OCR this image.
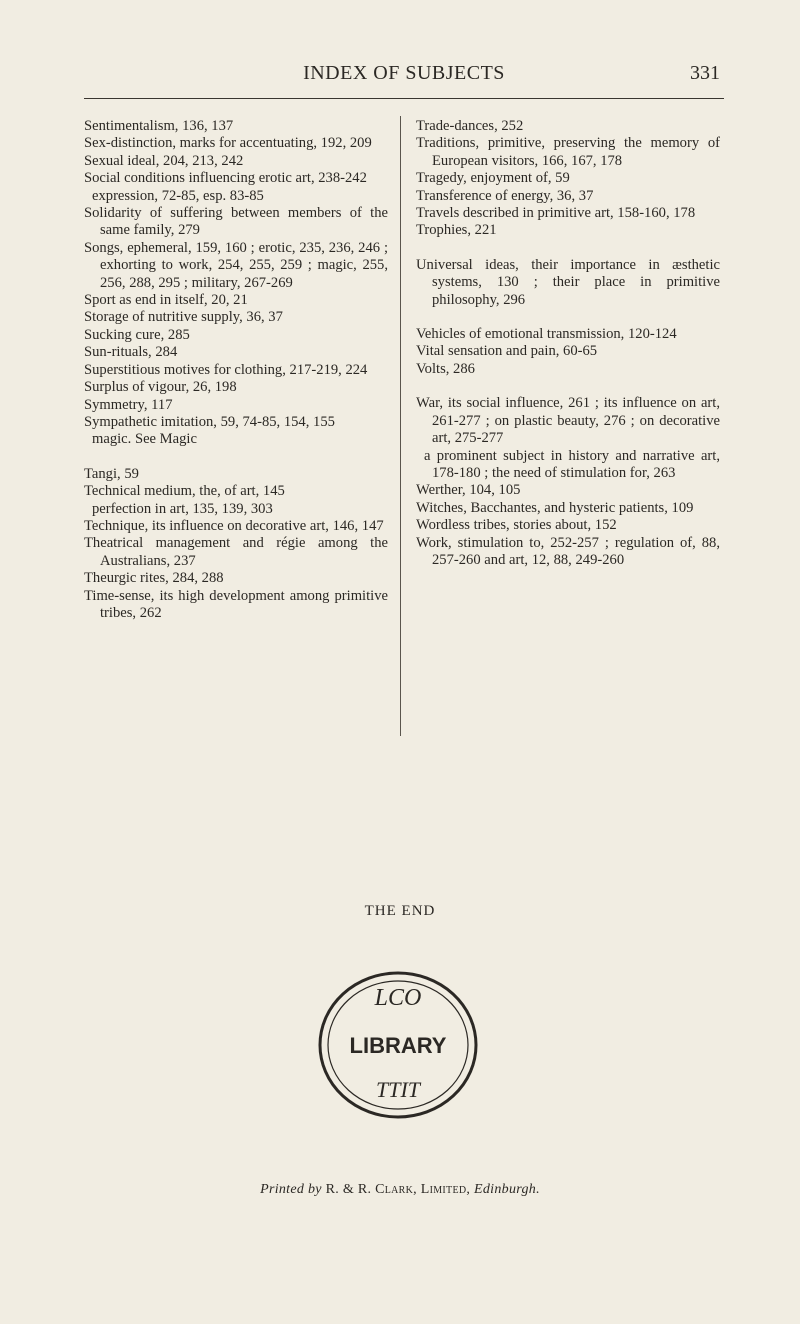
INDEX OF SUBJECTS	331
Sentimentalism, 136, 137
Sex-distinction, marks for accentuating, 192, 209
Sexual ideal, 204, 213, 242
Social conditions influencing erotic art, 238-242
expression, 72-85, esp. 83-85
Solidarity of suffering between members of the same family, 279
Songs, ephemeral, 159, 160 ; erotic, 235, 236, 246 ; exhorting to work, 254, 255, 259 ; magic, 255, 256, 288, 295 ; military, 267-269
Sport as end in itself, 20, 21
Storage of nutritive supply, 36, 37
Sucking cure, 285
Sun-rituals, 284
Superstitious motives for clothing, 217-219, 224
Surplus of vigour, 26, 198
Symmetry, 117
Sympathetic imitation, 59, 74-85, 154, 155
magic. See Magic
Tangi, 59
Technical medium, the, of art, 145
perfection in art, 135, 139, 303
Technique, its influence on decorative art, 146, 147
Theatrical management and régie among the Australians, 237
Theurgic rites, 284, 288
Time-sense, its high development among primitive tribes, 262
Trade-dances, 252
Traditions, primitive, preserving the memory of European visitors, 166, 167, 178
Tragedy, enjoyment of, 59
Transference of energy, 36, 37
Travels described in primitive art, 158-160, 178
Trophies, 221
Universal ideas, their importance in æsthetic systems, 130 ; their place in primitive philosophy, 296
Vehicles of emotional transmission, 120-124
Vital sensation and pain, 60-65
Volts, 286
War, its social influence, 261 ; its influence on art, 261-277 ; on plastic beauty, 276 ; on decorative art, 275-277
a prominent subject in history and narrative art, 178-180 ; the need of stimulation for, 263
Werther, 104, 105
Witches, Bacchantes, and hysteric patients, 109
Wordless tribes, stories about, 152
Work, stimulation to, 252-257 ; regulation of, 88, 257-260 and art, 12, 88, 249-260
THE END
LCO
LIBRARY
TTIT
Printed by R. & R. Clark, Limited, Edinburgh.
